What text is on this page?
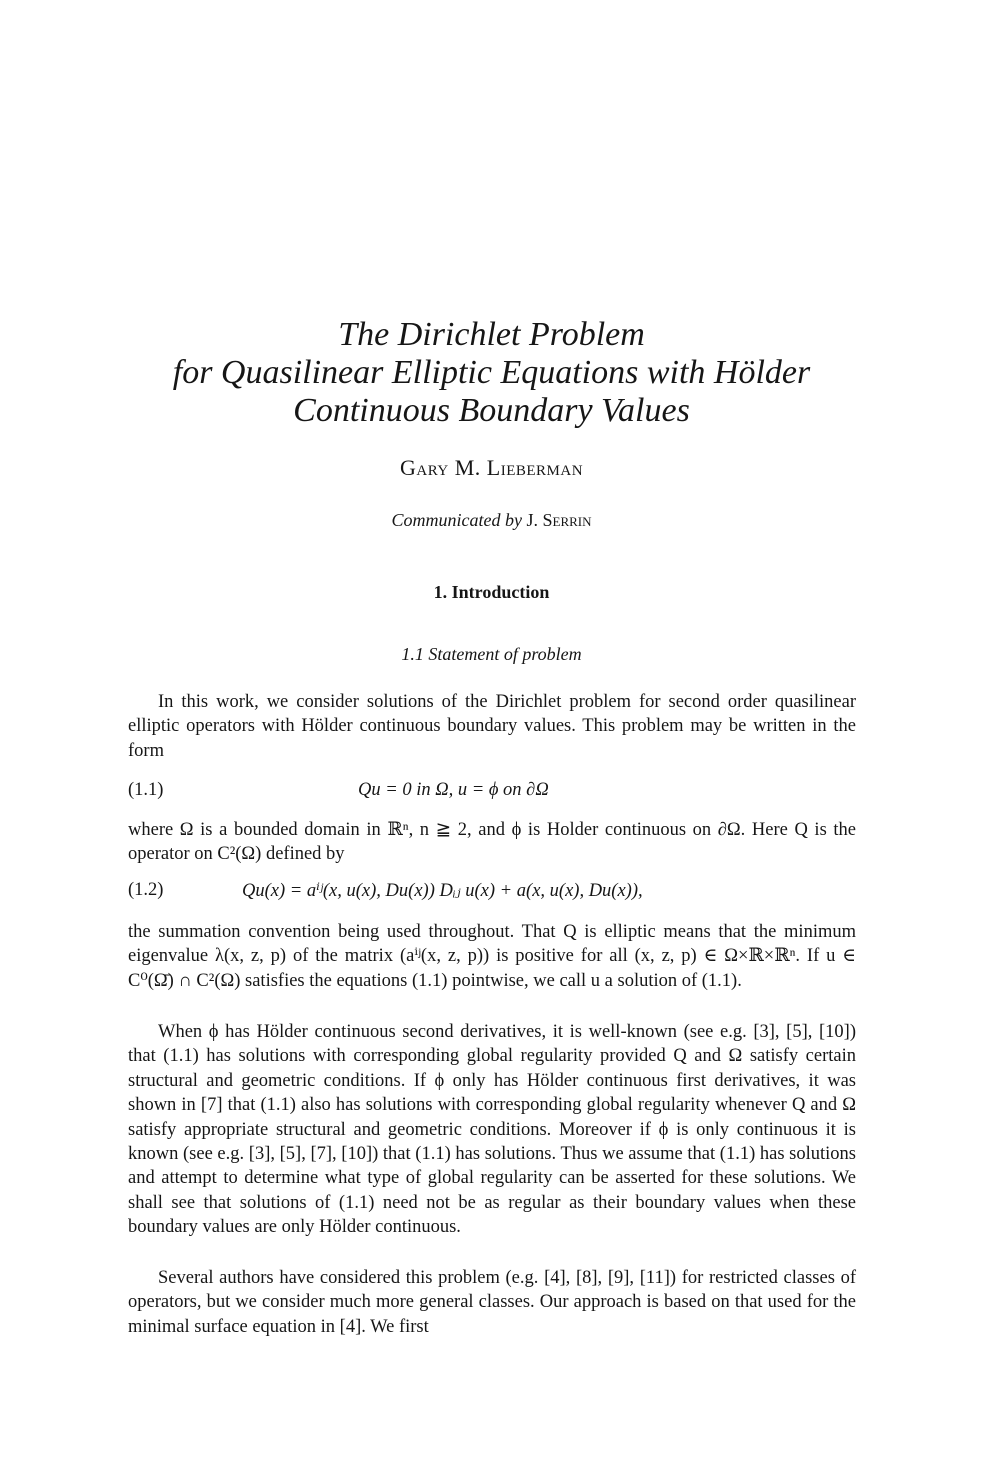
The Dirichlet Problem
for Quasilinear Elliptic Equations with Hölder
Continuous Boundary Values
Gary M. Lieberman
Communicated by J. Serrin
1. Introduction
1.1 Statement of problem

In this work, we consider solutions of the Dirichlet problem for second order quasilinear elliptic operators with Hölder continuous boundary values. This problem may be written in the form

(1.1)	Qu = 0 in Ω, u = ϕ on ∂Ω

where Ω is a bounded domain in ℝⁿ, n ≧ 2, and ϕ is Holder continuous on ∂Ω. Here Q is the operator on C²(Ω) defined by

(1.2)	Qu(x) = aⁱʲ(x, u(x), Du(x)) Dᵢⱼ u(x) + a(x, u(x), Du(x)),

the summation convention being used throughout. That Q is elliptic means that the minimum eigenvalue λ(x, z, p) of the matrix (aⁱʲ(x, z, p)) is positive for all (x, z, p) ∈ Ω×ℝ×ℝⁿ. If u ∈ C⁰(Ω̄) ∩ C²(Ω) satisfies the equations (1.1) pointwise, we call u a solution of (1.1).

When ϕ has Hölder continuous second derivatives, it is well-known (see e.g. [3], [5], [10]) that (1.1) has solutions with corresponding global regularity provided Q and Ω satisfy certain structural and geometric conditions. If ϕ only has Hölder continuous first derivatives, it was shown in [7] that (1.1) also has solutions with corresponding global regularity whenever Q and Ω satisfy appropriate structural and geometric conditions. Moreover if ϕ is only continuous it is known (see e.g. [3], [5], [7], [10]) that (1.1) has solutions. Thus we assume that (1.1) has solutions and attempt to determine what type of global regularity can be asserted for these solutions. We shall see that solutions of (1.1) need not be as regular as their boundary values when these boundary values are only Hölder continuous.

Several authors have considered this problem (e.g. [4], [8], [9], [11]) for restricted classes of operators, but we consider much more general classes. Our approach is based on that used for the minimal surface equation in [4]. We first
